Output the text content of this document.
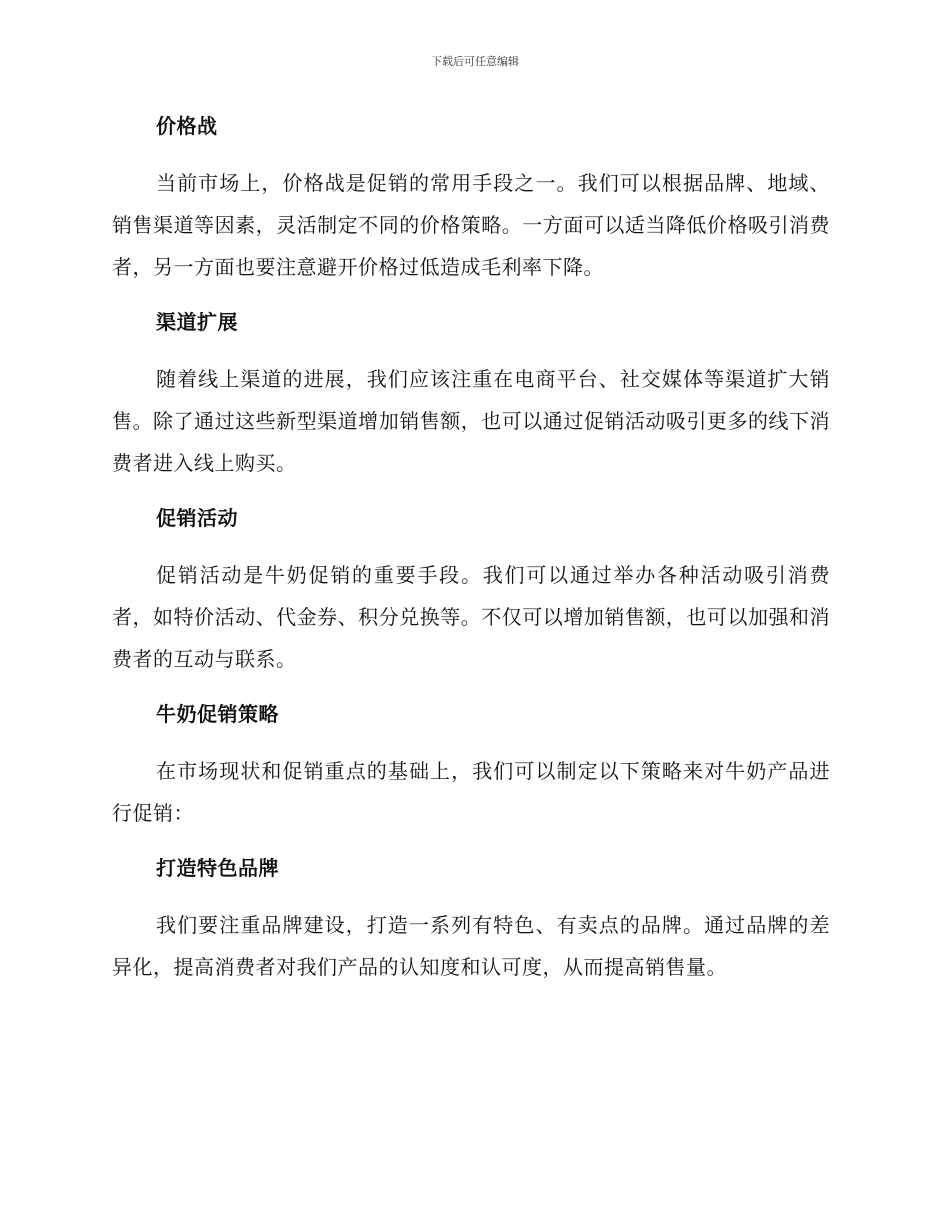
下载后可任意编辑
价格战

当前市场上，价格战是促销的常用手段之一。我们可以根据品牌、地域、销售渠道等因素，灵活制定不同的价格策略。一方面可以适当降低价格吸引消费者，另一方面也要注意避开价格过低造成毛利率下降。

渠道扩展

随着线上渠道的进展，我们应该注重在电商平台、社交媒体等渠道扩大销售。除了通过这些新型渠道增加销售额，也可以通过促销活动吸引更多的线下消费者进入线上购买。

促销活动

促销活动是牛奶促销的重要手段。我们可以通过举办各种活动吸引消费者，如特价活动、代金券、积分兑换等。不仅可以增加销售额，也可以加强和消费者的互动与联系。

牛奶促销策略

在市场现状和促销重点的基础上，我们可以制定以下策略来对牛奶产品进行促销：

打造特色品牌

我们要注重品牌建设，打造一系列有特色、有卖点的品牌。通过品牌的差异化，提高消费者对我们产品的认知度和认可度，从而提高销售量。
